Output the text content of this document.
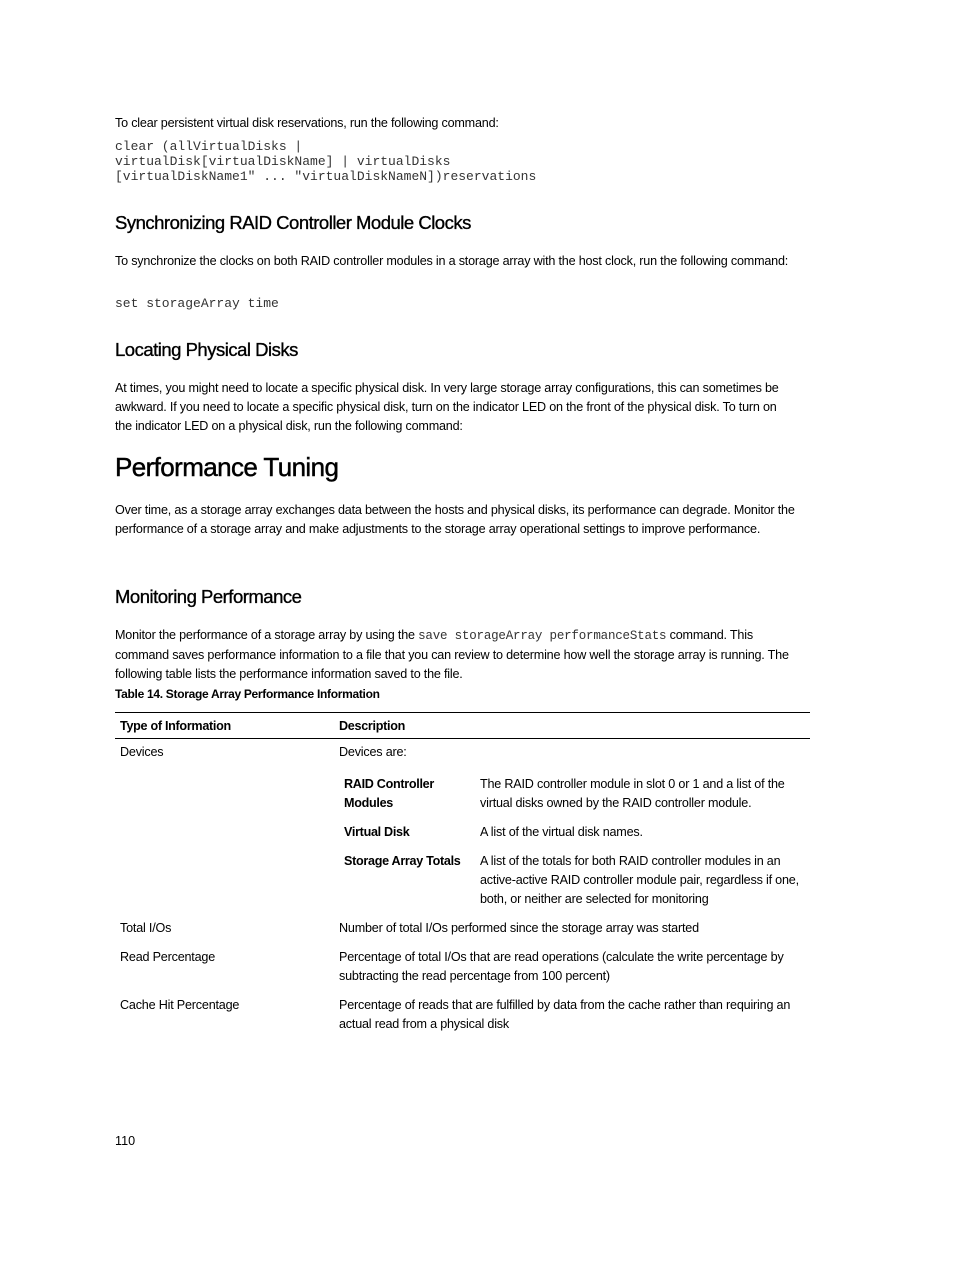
To clear persistent virtual disk reservations, run the following command:

clear (allVirtualDisks |
virtualDisk[virtualDiskName] | virtualDisks
[virtualDiskName1" ... "virtualDiskNameN])reservations
Synchronizing RAID Controller Module Clocks

To synchronize the clocks on both RAID controller modules in a storage array with the host clock, run the following command:

set storageArray time
Locating Physical Disks

At times, you might need to locate a specific physical disk. In very large storage array configurations, this can sometimes be awkward. If you need to locate a specific physical disk, turn on the indicator LED on the front of the physical disk. To turn on the indicator LED on a physical disk, run the following command:

Performance Tuning

Over time, as a storage array exchanges data between the hosts and physical disks, its performance can degrade. Monitor the performance of a storage array and make adjustments to the storage array operational settings to improve performance.

Monitoring Performance

Monitor the performance of a storage array by using the save storageArray performanceStats command. This command saves performance information to a file that you can review to determine how well the storage array is running. The following table lists the performance information saved to the file.

Table 14. Storage Array Performance Information
Type of Information	Description
Devices	Devices are:
RAID Controller Modules	The RAID controller module in slot 0 or 1 and a list of the virtual disks owned by the RAID controller module.
Virtual Disk	A list of the virtual disk names.
Storage Array Totals	A list of the totals for both RAID controller modules in an active-active RAID controller module pair, regardless if one, both, or neither are selected for monitoring

Total I/Os	Number of total I/Os performed since the storage array was started
Read Percentage	Percentage of total I/Os that are read operations (calculate the write percentage by subtracting the read percentage from 100 percent)
Cache Hit Percentage	Percentage of reads that are fulfilled by data from the cache rather than requiring an actual read from a physical disk
110
